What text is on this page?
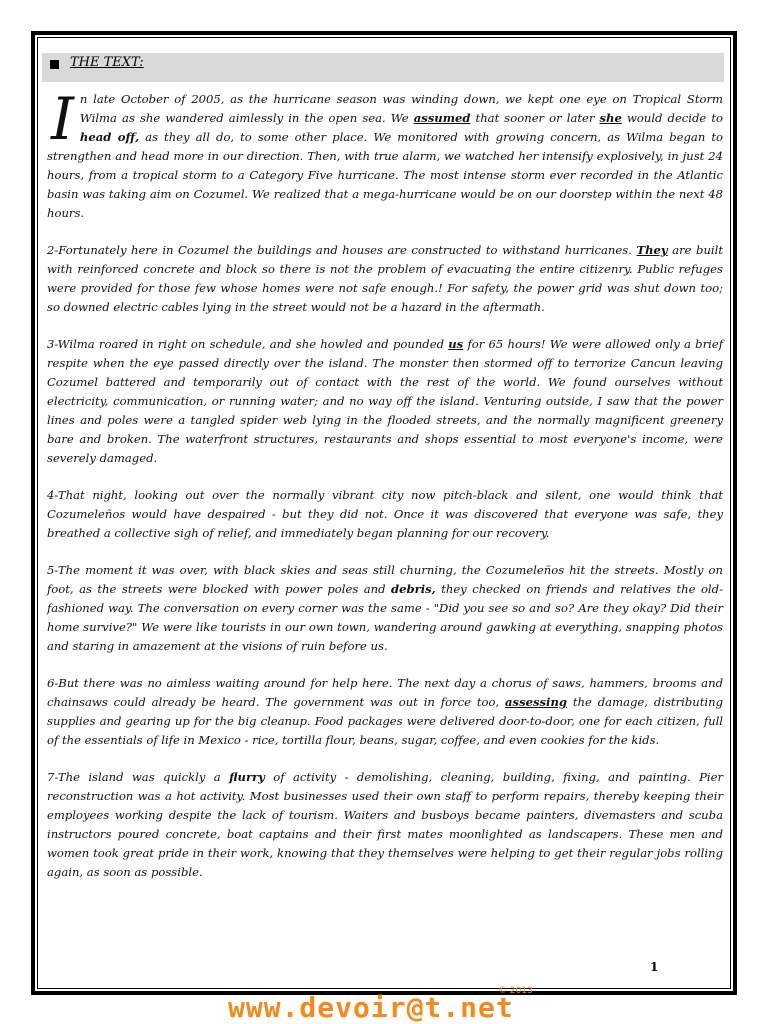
THE TEXT:

In late October of 2005, as the hurricane season was winding down, we kept one eye on Tropical Storm Wilma as she wandered aimlessly in the open sea. We assumed that sooner or later she would decide to head off, as they all do, to some other place. We monitored with growing concern, as Wilma began to strengthen and head more in our direction. Then, with true alarm, we watched her intensify explosively, in just 24 hours, from a tropical storm to a Category Five hurricane. The most intense storm ever recorded in the Atlantic basin was taking aim on Cozumel. We realized that a mega-hurricane would be on our doorstep within the next 48 hours.

2-Fortunately here in Cozumel the buildings and houses are constructed to withstand hurricanes. They are built with reinforced concrete and block so there is not the problem of evacuating the entire citizenry. Public refuges were provided for those few whose homes were not safe enough.! For safety, the power grid was shut down too; so downed electric cables lying in the street would not be a hazard in the aftermath.

3-Wilma roared in right on schedule, and she howled and pounded us for 65 hours! We were allowed only a brief respite when the eye passed directly over the island. The monster then stormed off to terrorize Cancun leaving Cozumel battered and temporarily out of contact with the rest of the world. We found ourselves without electricity, communication, or running water; and no way off the island. Venturing outside, I saw that the power lines and poles were a tangled spider web lying in the flooded streets, and the normally magnificent greenery bare and broken. The waterfront structures, restaurants and shops essential to most everyone's income, were severely damaged.

4-That night, looking out over the normally vibrant city now pitch-black and silent, one would think that Cozumeleños would have despaired - but they did not. Once it was discovered that everyone was safe, they breathed a collective sigh of relief, and immediately began planning for our recovery.

5-The moment it was over, with black skies and seas still churning, the Cozumeleños hit the streets. Mostly on foot, as the streets were blocked with power poles and debris, they checked on friends and relatives the old-fashioned way. The conversation on every corner was the same - "Did you see so and so? Are they okay? Did their home survive?" We were like tourists in our own town, wandering around gawking at everything, snapping photos and staring in amazement at the visions of ruin before us.

6-But there was no aimless waiting around for help here. The next day a chorus of saws, hammers, brooms and chainsaws could already be heard. The government was out in force too, assessing the damage, distributing supplies and gearing up for the big cleanup. Food packages were delivered door-to-door, one for each citizen, full of the essentials of life in Mexico - rice, tortilla flour, beans, sugar, coffee, and even cookies for the kids.

7-The island was quickly a flurry of activity - demolishing, cleaning, building, fixing, and painting. Pier reconstruction was a hot activity. Most businesses used their own staff to perform repairs, thereby keeping their employees working despite the lack of tourism. Waiters and busboys became painters, divemasters and scuba instructors poured concrete, boat captains and their first mates moonlighted as landscapers. These men and women took great pride in their work, knowing that they themselves were helping to get their regular jobs rolling again, as soon as possible.

1
www.devoir@t.net
© 2013
